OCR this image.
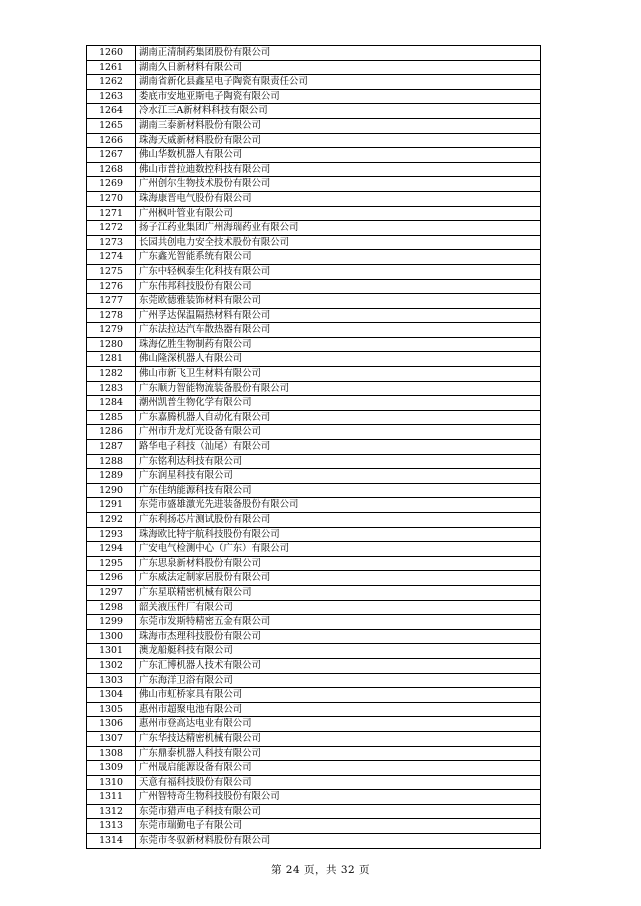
1260	湖南正清制药集团股份有限公司
1261	湖南久日新材料有限公司
1262	湖南省新化县鑫星电子陶瓷有限责任公司
1263	娄底市安地亚斯电子陶瓷有限公司
1264	冷水江三A新材料科技有限公司
1265	湖南三泰新材料股份有限公司
1266	珠海天威新材料股份有限公司
1267	佛山华数机器人有限公司
1268	佛山市普拉迪数控科技有限公司
1269	广州创尔生物技术股份有限公司
1270	珠海康晋电气股份有限公司
1271	广州枫叶管业有限公司
1272	扬子江药业集团广州海瑞药业有限公司
1273	长园共创电力安全技术股份有限公司
1274	广东鑫光智能系统有限公司
1275	广东中轻枫泰生化科技有限公司
1276	广东伟邦科技股份有限公司
1277	东莞欧德雅装饰材料有限公司
1278	广州孚达保温隔热材料有限公司
1279	广东法拉达汽车散热器有限公司
1280	珠海亿胜生物制药有限公司
1281	佛山隆深机器人有限公司
1282	佛山市新飞卫生材料有限公司
1283	广东顺力智能物流装备股份有限公司
1284	潮州凯普生物化学有限公司
1285	广东嘉腾机器人自动化有限公司
1286	广州市升龙灯光设备有限公司
1287	路华电子科技（汕尾）有限公司
1288	广东铭利达科技有限公司
1289	广东润星科技有限公司
1290	广东佳纳能源科技有限公司
1291	东莞市盛雄激光先进装备股份有限公司
1292	广东利扬芯片测试股份有限公司
1293	珠海欧比特宇航科技股份有限公司
1294	广安电气检测中心（广东）有限公司
1295	广东思泉新材料股份有限公司
1296	广东威法定制家居股份有限公司
1297	广东星联精密机械有限公司
1298	韶关液压件厂有限公司
1299	东莞市发斯特精密五金有限公司
1300	珠海市杰理科技股份有限公司
1301	澳龙船艇科技有限公司
1302	广东汇博机器人技术有限公司
1303	广东海洋卫浴有限公司
1304	佛山市虹桥家具有限公司
1305	惠州市超聚电池有限公司
1306	惠州市登高达电业有限公司
1307	广东华技达精密机械有限公司
1308	广东鼎泰机器人科技有限公司
1309	广州晟启能源设备有限公司
1310	天意有福科技股份有限公司
1311	广州智特奇生物科技股份有限公司
1312	东莞市猎声电子科技有限公司
1313	东莞市瑞勤电子有限公司
1314	东莞市冬驭新材料股份有限公司
第 24 页，共 32 页
